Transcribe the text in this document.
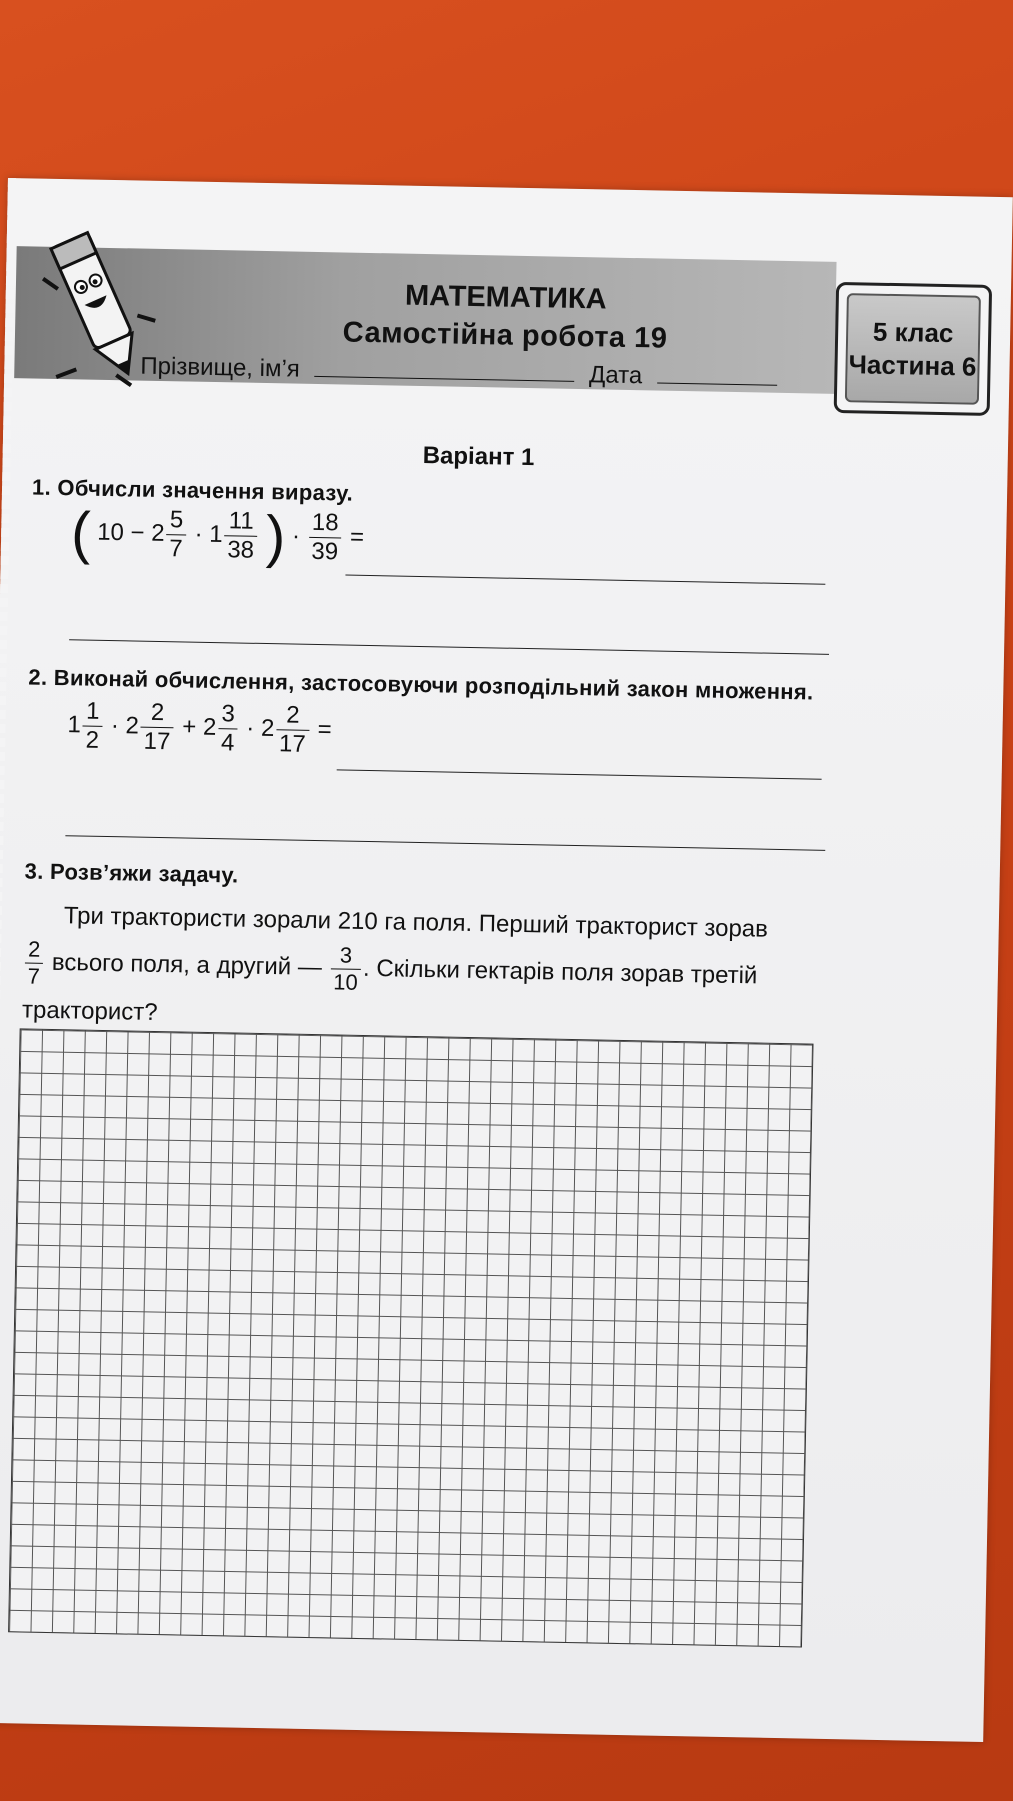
МАТЕМАТИКА
Самостійна робота 19
Прізвище, ім’я	Дата
5 клас
Частина 6
Варіант 1
1. Обчисли значення виразу.
( $10 - 2 \frac{5}{7} \cdot 1 \frac{11}{38}$ ) · $\frac{18}{39}$ =
2. Виконай обчислення, застосовуючи розподільний закон множення.
$1 \frac{1}{2} \cdot 2 \frac{2}{17} + 2 \frac{3}{4} \cdot 2 \frac{2}{17}$ =
3. Розв’яжи задачу.
Три трактористи зорали 210 га поля. Перший тракторист зорав
$\frac{2}{7}$ всього поля, а другий — $\frac{3}{10}$ . Скільки гектарів поля зорав третій
тракторист?
